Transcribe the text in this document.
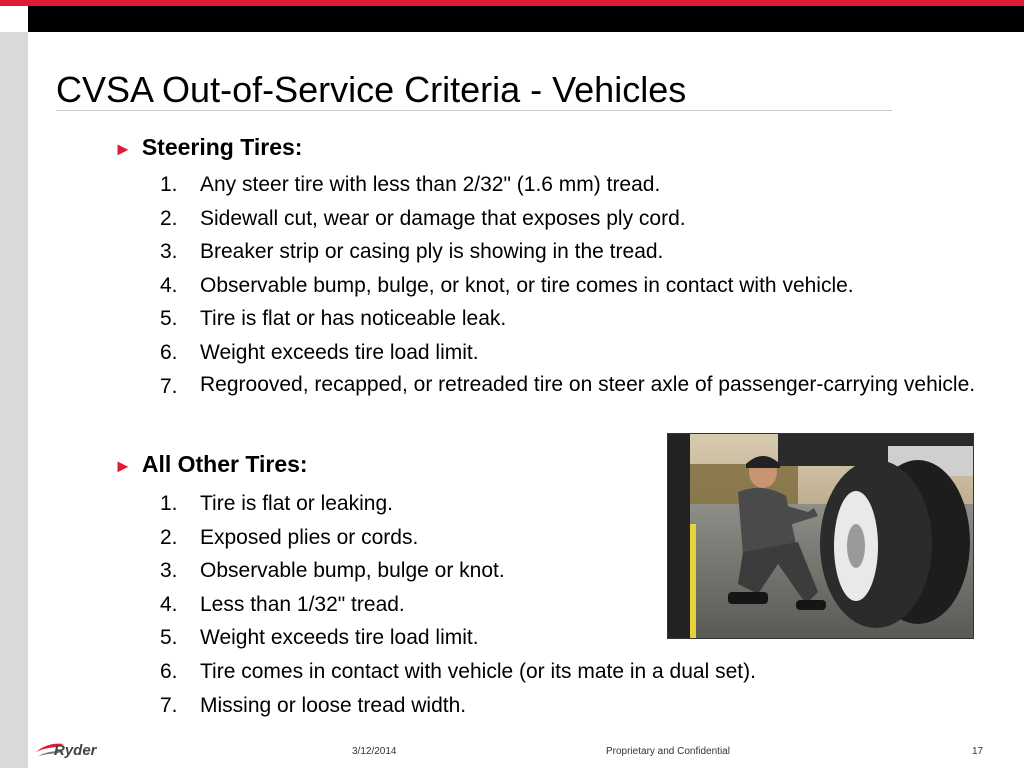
CVSA Out-of-Service Criteria - Vehicles
► Steering Tires:
1. Any steer tire with less than 2/32" (1.6 mm) tread.
2. Sidewall cut, wear or damage that exposes ply cord.
3. Breaker strip or casing ply is showing in the tread.
4. Observable bump, bulge, or knot, or tire comes in contact with vehicle.
5. Tire is flat or has noticeable leak.
6. Weight exceeds tire load limit.
7. Regrooved, recapped, or retreaded tire on steer axle of passenger-carrying vehicle.
► All Other Tires:
1. Tire is flat or leaking.
2. Exposed plies or cords.
3. Observable bump, bulge or knot.
4. Less than 1/32" tread.
5. Weight exceeds tire load limit.
6. Tire comes in contact with vehicle (or its mate in a dual set).
7. Missing or loose tread width.
Ryder	3/12/2014	Proprietary and Confidential	17
